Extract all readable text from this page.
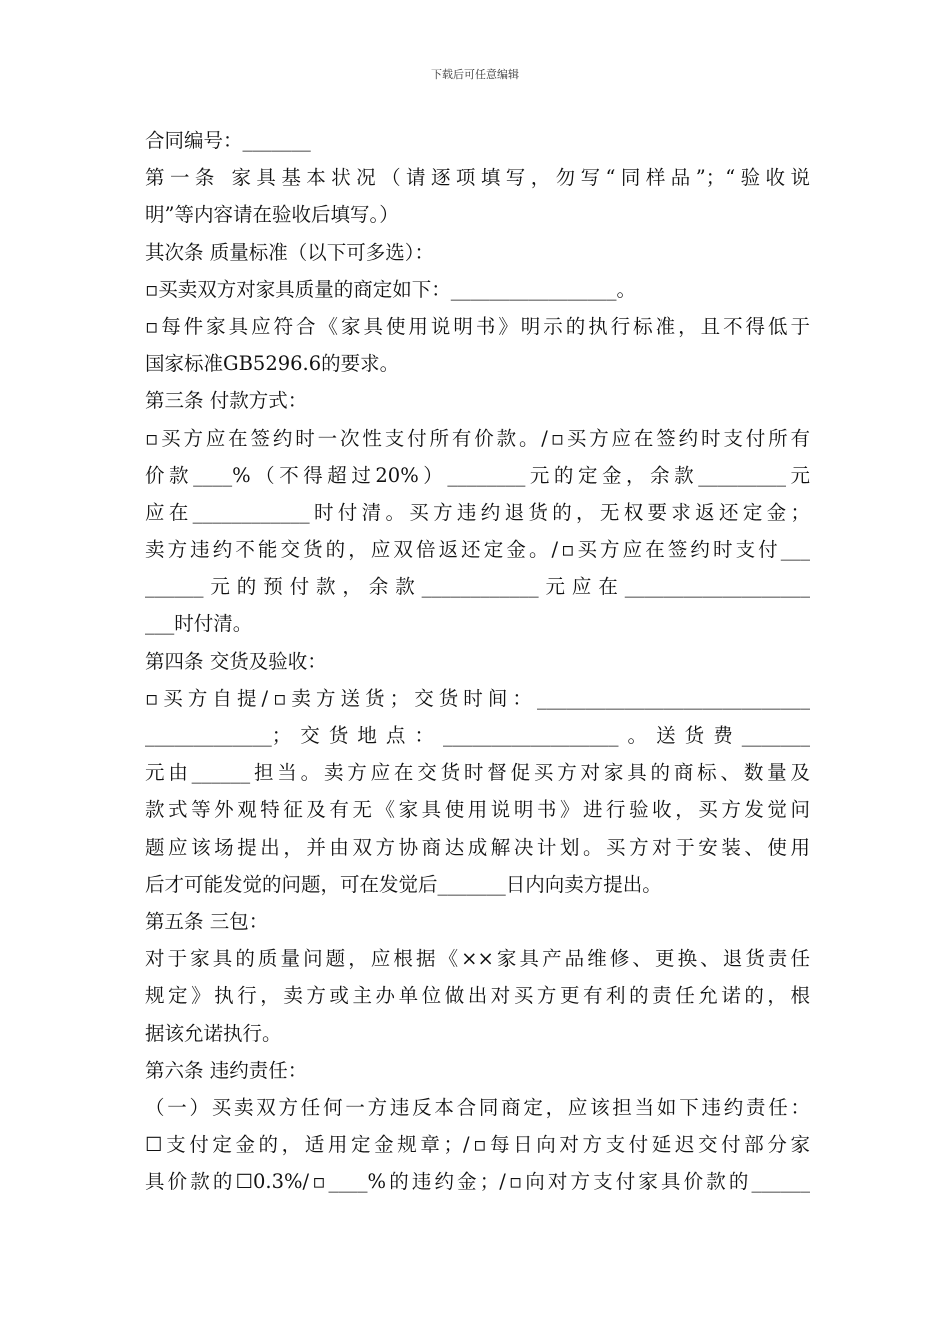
下载后可任意编辑
合同编号：_______
第一条 家具基本状况（请逐项填写，勿写“同样品”；“验收说
明”等内容请在验收后填写。）
其次条 质量标准（以下可多选）：
▫买卖双方对家具质量的商定如下：_________________。
▫每件家具应符合《家具使用说明书》明示的执行标准，且不得低于
国家标准GB5296.6的要求。
第三条 付款方式：
▫买方应在签约时一次性支付所有价款。/▫买方应在签约时支付所有
价款____%（不得超过20%）________元的定金，余款_________元
应在____________时付清。买方违约退货的，无权要求返还定金；
卖方违约不能交货的，应双倍返还定金。/▫买方应在签约时支付___
______元的预付款，余款____________元应在___________________
___时付清。
第四条 交货及验收：
▫买方自提/▫卖方送货；交货时间：____________________________
_____________；交货地点：__________________。送货费_______
元由______担当。卖方应在交货时督促买方对家具的商标、数量及
款式等外观特征及有无《家具使用说明书》进行验收，买方发觉问
题应该场提出，并由双方协商达成解决计划。买方对于安装、使用
后才可能发觉的问题，可在发觉后_______日内向卖方提出。
第五条 三包：
对于家具的质量问题，应根据《××家具产品维修、更换、退货责任
规定》执行，卖方或主办单位做出对买方更有利的责任允诺的，根
据该允诺执行。
第六条 违约责任：
（一）买卖双方任何一方违反本合同商定，应该担当如下违约责任：
☐支付定金的，适用定金规章；/▫每日向对方支付延迟交付部分家
具价款的☐0.3%/▫____%的违约金；/▫向对方支付家具价款的______
